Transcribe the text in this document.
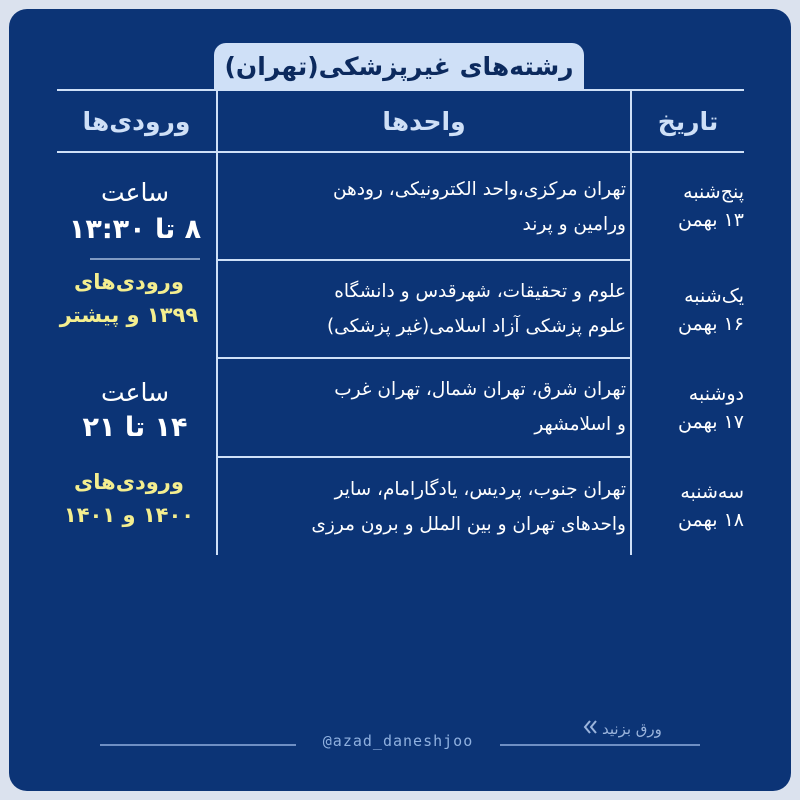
رشته‌های غیرپزشکی(تهران)
ورودی‌ها	واحدها	تاریخ
پنج‌شنبه
۱۳ بهمن
تهران مرکزی،واحد الکترونیکی، رودهن
ورامین و پرند
یک‌شنبه
۱۶ بهمن
علوم و تحقیقات، شهرقدس و دانشگاه
علوم پزشکی آزاد اسلامی(غیر پزشکی)
دوشنبه
۱۷ بهمن
تهران شرق، تهران شمال، تهران غرب
و اسلامشهر
سه‌شنبه
۱۸ بهمن
تهران جنوب، پردیس، یادگارامام، سایر
واحدهای تهران و بین الملل و برون مرزی
ساعت
۸ تا ۱۳:۳۰
ورودی‌های
۱۳۹۹ و پیشتر
ساعت
۱۴ تا ۲۱
ورودی‌های
۱۴۰۰ و ۱۴۰۱
ورق بزنید
@azad_daneshjoo
